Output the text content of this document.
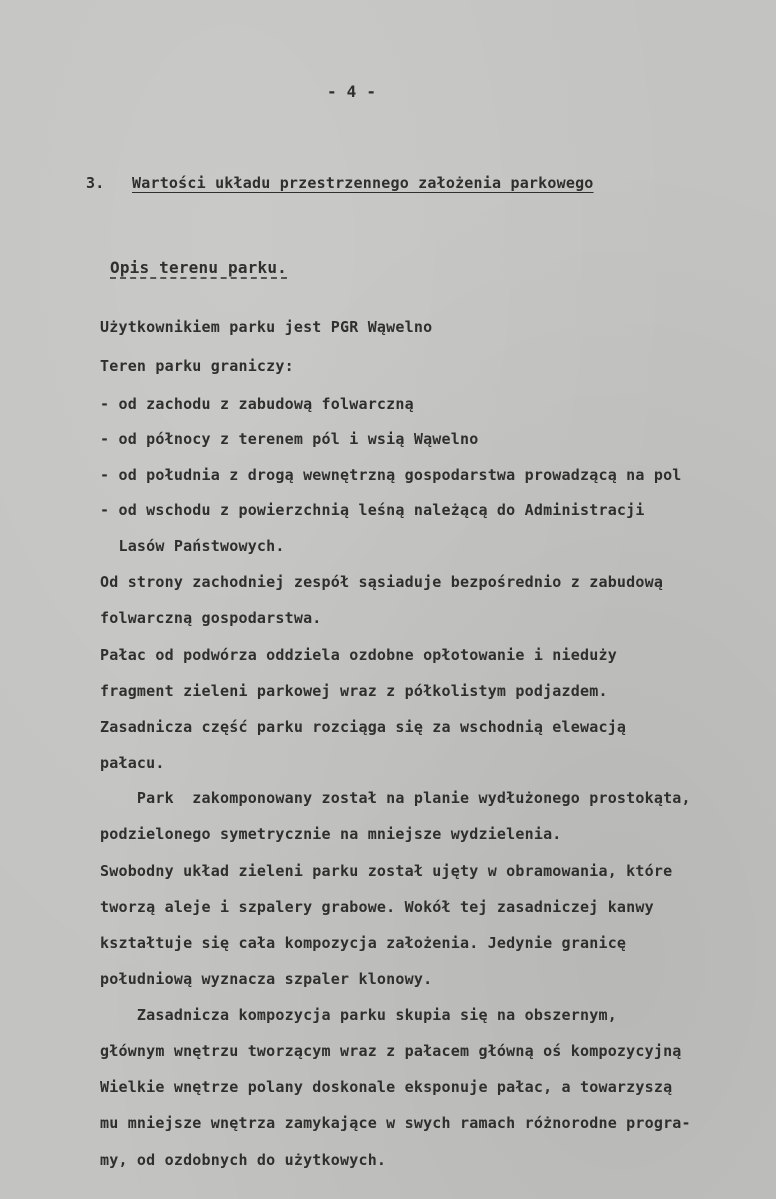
- 4 -
3. Wartości układu przestrzennego założenia parkowego
Opis terenu parku.
Użytkownikiem parku jest PGR Wąwelno
Teren parku graniczy:
- od zachodu z zabudową folwarczną
- od północy z terenem pól i wsią Wąwelno
- od południa z drogą wewnętrzną gospodarstwa prowadzącą na pol
- od wschodu z powierzchnią leśną należącą do Administracji
Lasów Państwowych.
Od strony zachodniej zespół sąsiaduje bezpośrednio z zabudową
folwarczną gospodarstwa.
Pałac od podwórza oddziela ozdobne opłotowanie i nieduży
fragment zieleni parkowej wraz z półkolistym podjazdem.
Zasadnicza część parku rozciąga się za wschodnią elewacją
pałacu.
Park  zakomponowany został na planie wydłużonego prostokąta,
podzielonego symetrycznie na mniejsze wydzielenia.
Swobodny układ zieleni parku został ujęty w obramowania, które
tworzą aleje i szpalery grabowe. Wokół tej zasadniczej kanwy
kształtuje się cała kompozycja założenia. Jedynie granicę
południową wyznacza szpaler klonowy.
Zasadnicza kompozycja parku skupia się na obszernym,
głównym wnętrzu tworzącym wraz z pałacem główną oś kompozycyjną
Wielkie wnętrze polany doskonale eksponuje pałac, a towarzyszą
mu mniejsze wnętrza zamykające w swych ramach różnorodne progra-
my, od ozdobnych do użytkowych.
